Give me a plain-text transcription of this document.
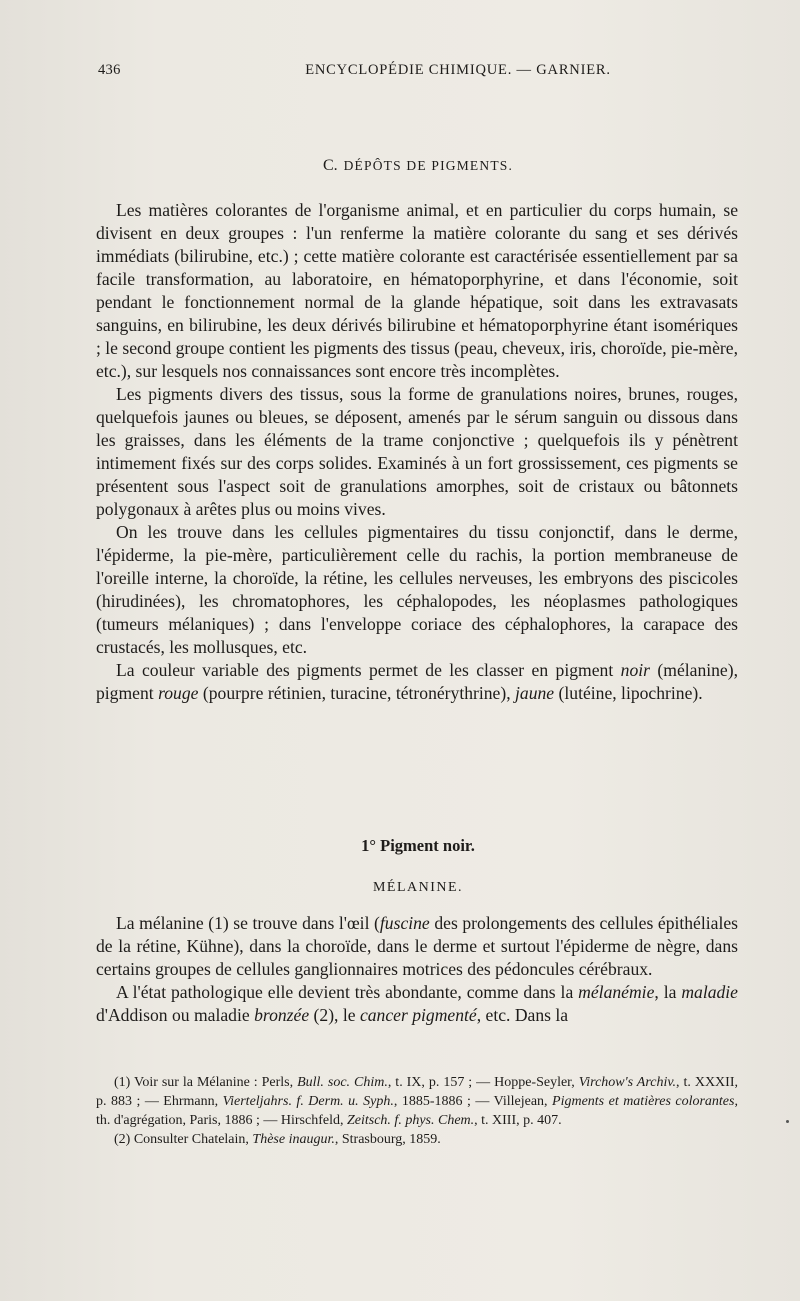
436	ENCYCLOPÉDIE CHIMIQUE. — GARNIER.
C. DÉPÔTS DE PIGMENTS.

Les matières colorantes de l'organisme animal, et en particulier du corps humain, se divisent en deux groupes : l'un renferme la matière colorante du sang et ses dérivés immédiats (bilirubine, etc.) ; cette matière colorante est caractérisée essentiellement par sa facile transformation, au laboratoire, en hématoporphyrine, et dans l'économie, soit pendant le fonctionnement normal de la glande hépatique, soit dans les extravasats sanguins, en bilirubine, les deux dérivés bilirubine et hématoporphyrine étant isomériques ; le second groupe contient les pigments des tissus (peau, cheveux, iris, choroïde, pie-mère, etc.), sur lesquels nos connaissances sont encore très incomplètes.

Les pigments divers des tissus, sous la forme de granulations noires, brunes, rouges, quelquefois jaunes ou bleues, se déposent, amenés par le sérum sanguin ou dissous dans les graisses, dans les éléments de la trame conjonctive ; quelquefois ils y pénètrent intimement fixés sur des corps solides. Examinés à un fort grossissement, ces pigments se présentent sous l'aspect soit de granulations amorphes, soit de cristaux ou bâtonnets polygonaux à arêtes plus ou moins vives.

On les trouve dans les cellules pigmentaires du tissu conjonctif, dans le derme, l'épiderme, la pie-mère, particulièrement celle du rachis, la portion membraneuse de l'oreille interne, la choroïde, la rétine, les cellules nerveuses, les embryons des piscicoles (hirudinées), les chromatophores, les céphalopodes, les néoplasmes pathologiques (tumeurs mélaniques) ; dans l'enveloppe coriace des céphalophores, la carapace des crustacés, les mollusques, etc.

La couleur variable des pigments permet de les classer en pigment noir (mélanine), pigment rouge (pourpre rétinien, turacine, tétronérythrine), jaune (lutéine, lipochrine).

1° Pigment noir.
MÉLANINE.

La mélanine (1) se trouve dans l'œil (fuscine des prolongements des cellules épithéliales de la rétine, Kühne), dans la choroïde, dans le derme et surtout l'épiderme de nègre, dans certains groupes de cellules ganglionnaires motrices des pédoncules cérébraux.

A l'état pathologique elle devient très abondante, comme dans la mélanémie, la maladie d'Addison ou maladie bronzée (2), le cancer pigmenté, etc. Dans la

(1) Voir sur la Mélanine : Perls, Bull. soc. Chim., t. IX, p. 157 ; — Hoppe-Seyler, Virchow's Archiv., t. XXXII, p. 883 ; — Ehrmann, Vierteljahrs. f. Derm. u. Syph., 1885-1886 ; — Villejean, Pigments et matières colorantes, th. d'agrégation, Paris, 1886 ; — Hirschfeld, Zeitsch. f. phys. Chem., t. XIII, p. 407.

(2) Consulter Chatelain, Thèse inaugur., Strasbourg, 1859.
